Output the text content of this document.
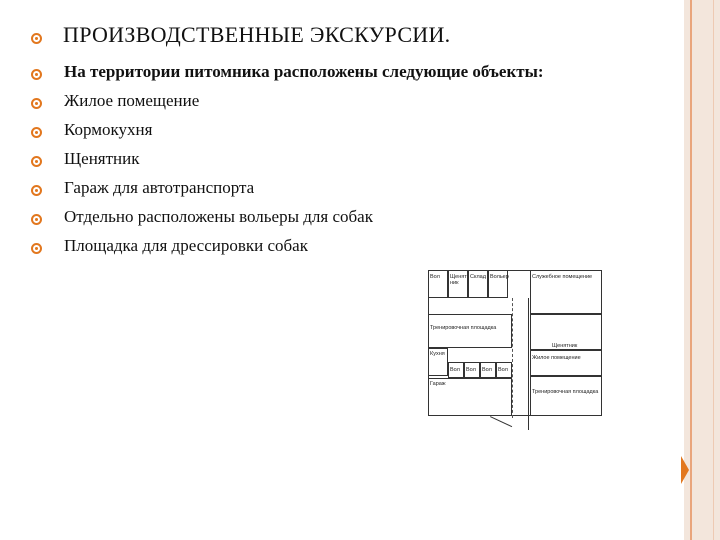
ПРОИЗВОДСТВЕННЫЕ ЭКСКУРСИИ.
На территории питомника расположены следующие объекты:
Жилое помещение
Кормокухня
Щенятник
Гараж для автотранспорта
Отдельно расположены вольеры для собак
Площадка для дрессировки собак
Вол Щенят ник
Склад Вольер	Служебное помещение
Тренировочная площадка
Щенятник
Жилое помещение
Кухня
Вол Вол Вол Вол
Гараж
Тренировочная площадка
